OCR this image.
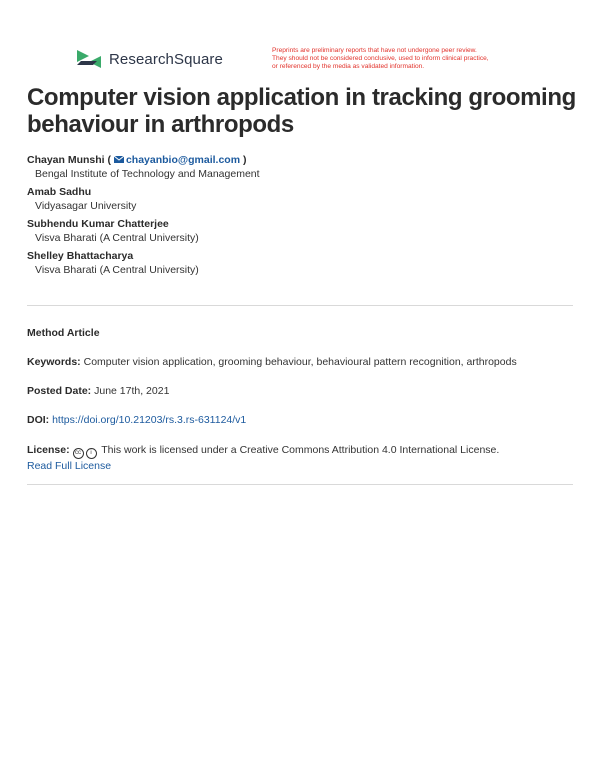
ResearchSquare	Preprints are preliminary reports that have not undergone peer review.
They should not be considered conclusive, used to inform clinical practice,
or referenced by the media as validated information.
Computer vision application in tracking grooming behaviour in arthropods
Chayan Munshi ( chayanbio@gmail.com )
Bengal Institute of Technology and Management
Amab Sadhu
Vidyasagar University
Subhendu Kumar Chatterjee
Visva Bharati (A Central University)
Shelley Bhattacharya
Visva Bharati (A Central University)
Method Article
Keywords: Computer vision application, grooming behaviour, behavioural pattern recognition, arthropods
Posted Date: June 17th, 2021
DOI: https://doi.org/10.21203/rs.3.rs-631124/v1
License: cc i This work is licensed under a Creative Commons Attribution 4.0 International License.
Read Full License
